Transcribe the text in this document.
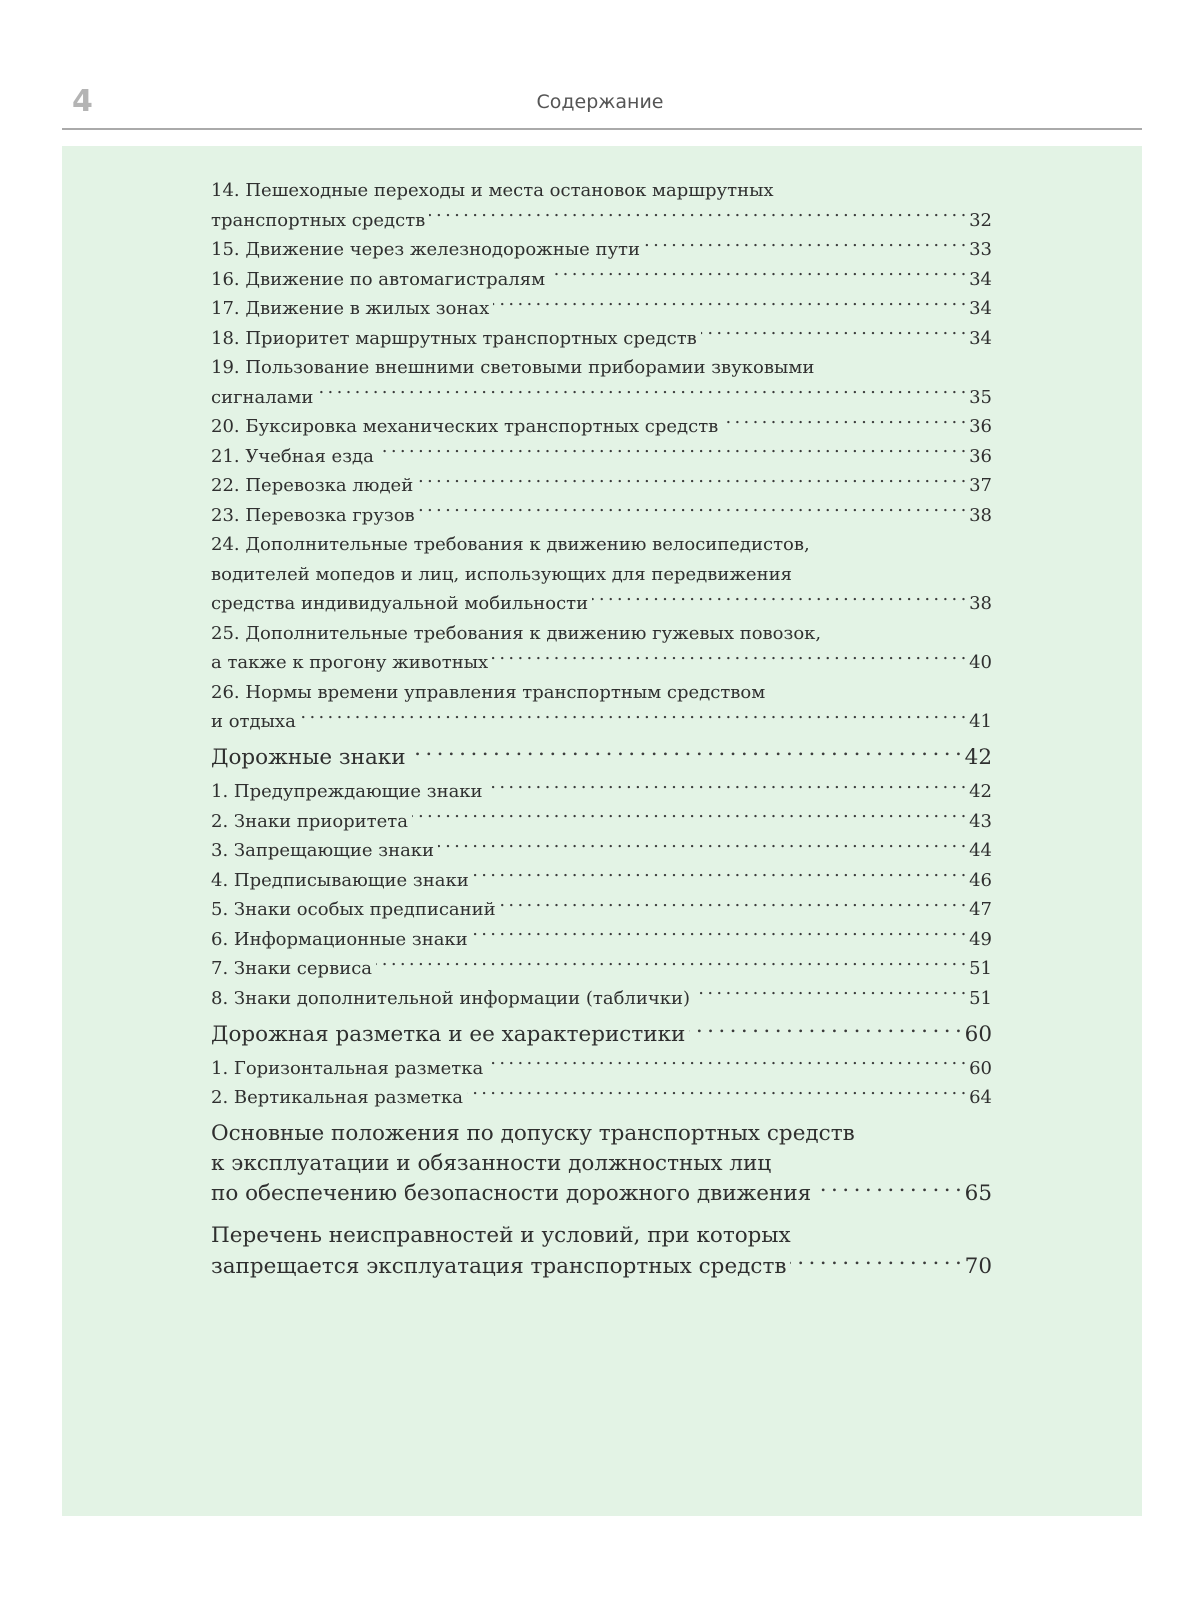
4	Содержание
14. Пешеходные переходы и места остановок маршрутных
транспортных средств . . .	32
15. Движение через железнодорожные пути . . .	33
16. Движение по автомагистралям . . .	34
17. Движение в жилых зонах . . .	34
18. Приоритет маршрутных транспортных средств . . .	34
19. Пользование внешними световыми приборамии звуковыми
сигналами . . .	35
20. Буксировка механических транспортных средств . . .	36
21. Учебная езда . . .	36
22. Перевозка людей . . .	37
23. Перевозка грузов . . .	38
24. Дополнительные требования к движению велосипедистов,
водителей мопедов и лиц, использующих для передвижения
средства индивидуальной мобильности . . .	38
25. Дополнительные требования к движению гужевых повозок,
а также к прогону животных . . .	40
26. Нормы времени управления транспортным средством
и отдыха . . .	41
Дорожные знаки . . .	42
1. Предупреждающие знаки . . .	42
2. Знаки приоритета . . .	43
3. Запрещающие знаки . . .	44
4. Предписывающие знаки . . .	46
5. Знаки особых предписаний . . .	47
6. Информационные знаки . . .	49
7. Знаки сервиса . . .	51
8. Знаки дополнительной информации (таблички) . . .	51
Дорожная разметка и ее характеристики . . .	60
1. Горизонтальная разметка . . .	60
2. Вертикальная разметка . . .	64
Основные положения по допуску транспортных средств
к эксплуатации и обязанности должностных лиц
по обеспечению безопасности дорожного движения . . .	65
Перечень неисправностей и условий, при которых
запрещается эксплуатация транспортных средств . . .	70
